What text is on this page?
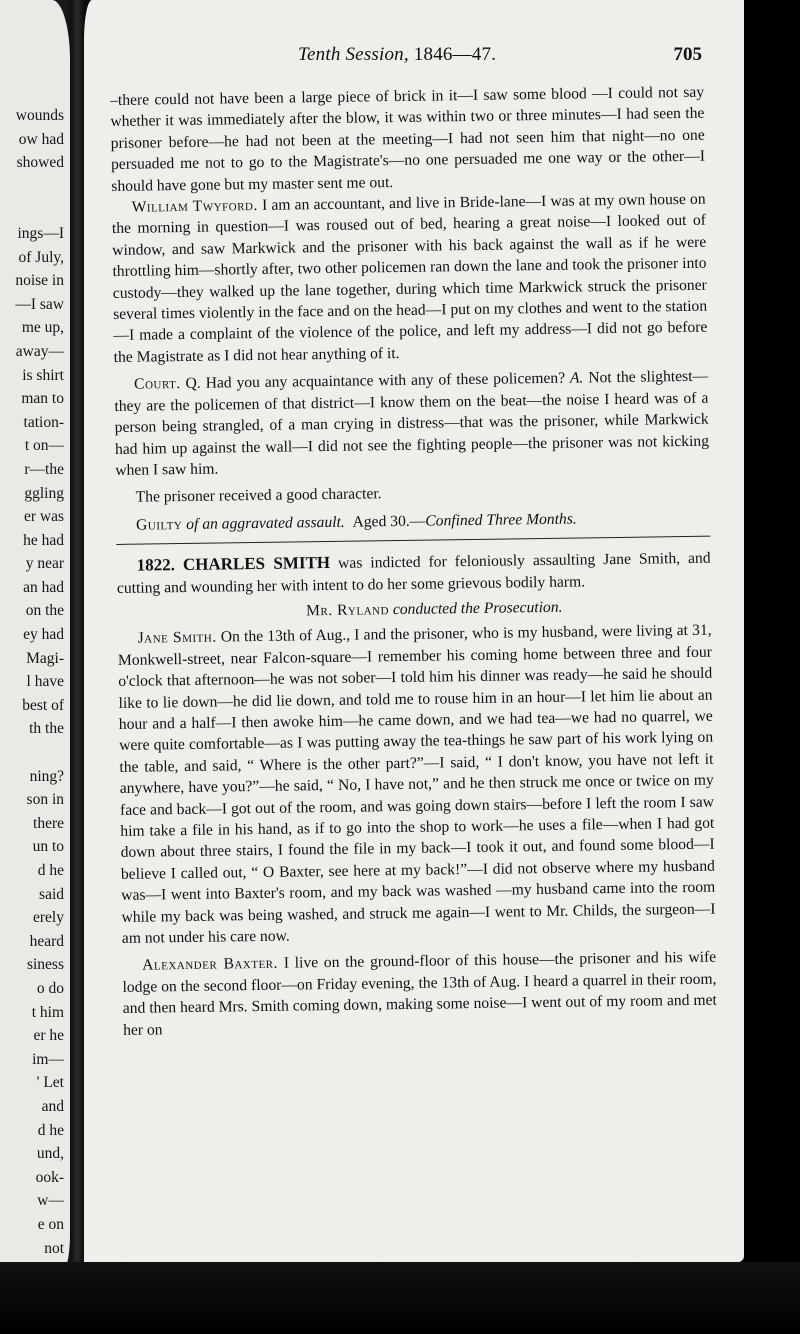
wounds
ow had
showed
ings—I
of July,
noise in
—I saw
me up,
away—
is shirt
man to
tation-
t on—
r—the
ggling
er was
he had
y near
an had
on the
ey had
Magi-
l have
best of
th the
ning?
son in
there
un to
d he
said
erely
heard
siness
o do
t him
er he
im—
' Let
and
d he
und,
ook-
w—
e on
not
Tenth Session, 1846—47.	705

–there could not have been a large piece of brick in it—I saw some blood —I could not say whether it was immediately after the blow, it was within two or three minutes—I had seen the prisoner before—he had not been at the meeting—I had not seen him that night—no one persuaded me not to go to the Magistrate's—no one persuaded me one way or the other—I should have gone but my master sent me out.

William Twyford. I am an accountant, and live in Bride-lane—I was at my own house on the morning in question—I was roused out of bed, hearing a great noise—I looked out of window, and saw Markwick and the prisoner with his back against the wall as if he were throttling him—shortly after, two other policemen ran down the lane and took the prisoner into custody—they walked up the lane together, during which time Markwick struck the prisoner several times violently in the face and on the head—I put on my clothes and went to the station—I made a complaint of the violence of the police, and left my address—I did not go before the Magistrate as I did not hear anything of it.

Court. Q. Had you any acquaintance with any of these policemen? A. Not the slightest—they are the policemen of that district—I know them on the beat—the noise I heard was of a person being strangled, of a man crying in distress—that was the prisoner, while Markwick had him up against the wall—I did not see the fighting people—the prisoner was not kicking when I saw him.

The prisoner received a good character.

Guilty of an aggravated assault. Aged 30.—Confined Three Months.

1822. CHARLES SMITH was indicted for feloniously assaulting Jane Smith, and cutting and wounding her with intent to do her some grievous bodily harm.

Mr. Ryland conducted the Prosecution.

Jane Smith. On the 13th of Aug., I and the prisoner, who is my husband, were living at 31, Monkwell-street, near Falcon-square—I remember his coming home between three and four o'clock that afternoon—he was not sober—I told him his dinner was ready—he said he should like to lie down—he did lie down, and told me to rouse him in an hour—I let him lie about an hour and a half—I then awoke him—he came down, and we had tea—we had no quarrel, we were quite comfortable—as I was putting away the tea-things he saw part of his work lying on the table, and said, “ Where is the other part?”—I said, “ I don't know, you have not left it anywhere, have you?”—he said, “ No, I have not,” and he then struck me once or twice on my face and back—I got out of the room, and was going down stairs—before I left the room I saw him take a file in his hand, as if to go into the shop to work—he uses a file—when I had got down about three stairs, I found the file in my back—I took it out, and found some blood—I believe I called out, “ O Baxter, see here at my back!”—I did not observe where my husband was—I went into Baxter's room, and my back was washed —my husband came into the room while my back was being washed, and struck me again—I went to Mr. Childs, the surgeon—I am not under his care now.

Alexander Baxter. I live on the ground-floor of this house—the prisoner and his wife lodge on the second floor—on Friday evening, the 13th of Aug. I heard a quarrel in their room, and then heard Mrs. Smith coming down, making some noise—I went out of my room and met her on
